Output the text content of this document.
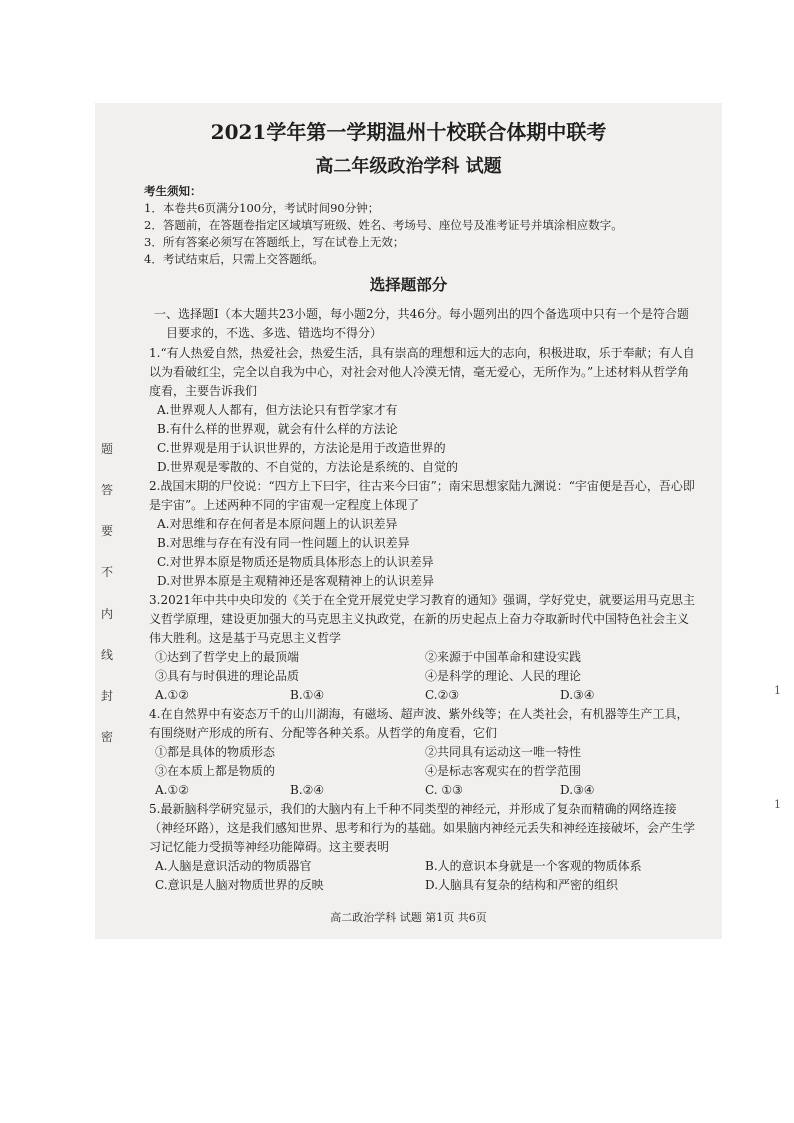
题
答
要
不
内
线
封
密
2021学年第一学期温州十校联合体期中联考
高二年级政治学科 试题
考生须知：
1．本卷共6页满分100分，考试时间90分钟；
2．答题前，在答题卷指定区域填写班级、姓名、考场号、座位号及准考证号并填涂相应数字。
3．所有答案必须写在答题纸上，写在试卷上无效；
4．考试结束后，只需上交答题纸。
选择题部分
一、选择题Ⅰ（本大题共23小题，每小题2分，共46分。每小题列出的四个备选项中只有一个是符合题目要求的，不选、多选、错选均不得分）
1.“有人热爱自然，热爱社会，热爱生活，具有崇高的理想和远大的志向，积极进取，乐于奉献；有人自以为看破红尘，完全以自我为中心，对社会对他人冷漠无情，毫无爱心，无所作为。”上述材料从哲学角度看，主要告诉我们
A.世界观人人都有，但方法论只有哲学家才有
B.有什么样的世界观，就会有什么样的方法论
C.世界观是用于认识世界的，方法论是用于改造世界的
D.世界观是零散的、不自觉的，方法论是系统的、自觉的
2.战国末期的尸佼说：“四方上下曰宇，往古来今曰宙”；南宋思想家陆九渊说：“宇宙便是吾心，吾心即是宇宙”。上述两种不同的宇宙观一定程度上体现了
A.对思维和存在何者是本原问题上的认识差异
B.对思维与存在有没有同一性问题上的认识差异
C.对世界本原是物质还是物质具体形态上的认识差异
D.对世界本原是主观精神还是客观精神上的认识差异
3.2021年中共中央印发的《关于在全党开展党史学习教育的通知》强调，学好党史，就要运用马克思主义哲学原理，建设更加强大的马克思主义执政党，在新的历史起点上奋力夺取新时代中国特色社会主义伟大胜利。这是基于马克思主义哲学
①达到了哲学史上的最顶端	②来源于中国革命和建设实践
③具有与时俱进的理论品质	④是科学的理论、人民的理论
A.①②	B.①④	C.②③	D.③④
4.在自然界中有姿态万千的山川湖海，有磁场、超声波、紫外线等；在人类社会，有机器等生产工具，有围绕财产形成的所有、分配等各种关系。从哲学的角度看，它们
①都是具体的物质形态	②共同具有运动这一唯一特性
③在本质上都是物质的	④是标志客观实在的哲学范围
A.①②	B.②④	C. ①③	D.③④
5.最新脑科学研究显示，我们的大脑内有上千种不同类型的神经元，并形成了复杂而精确的网络连接（神经环路），这是我们感知世界、思考和行为的基础。如果脑内神经元丢失和神经连接破坏，会产生学习记忆能力受损等神经功能障碍。这主要表明
A.人脑是意识活动的物质器官	B.人的意识本身就是一个客观的物质体系
C.意识是人脑对物质世界的反映	D.人脑具有复杂的结构和严密的组织
高二政治学科 试题 第1页 共6页
1
1
